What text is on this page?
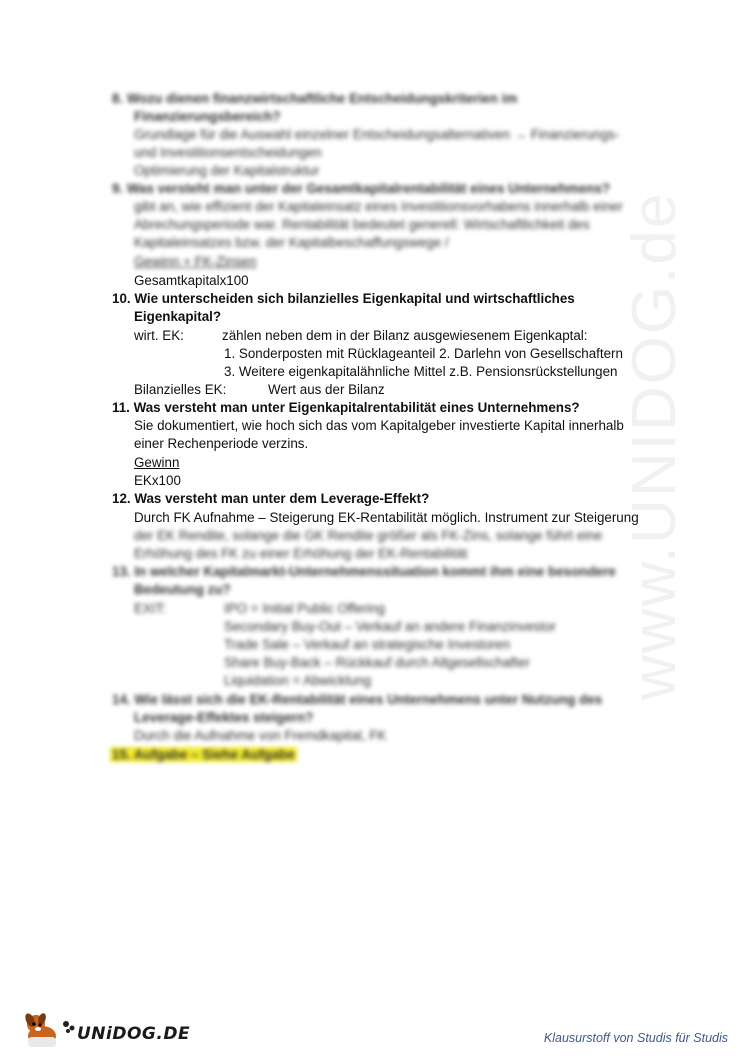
www.UNIDOG.de
8. Wozu dienen finanzwirtschaftliche Entscheidungskriterien im
Finanzierungsbereich?
Grundlage für die Auswahl einzelner Entscheidungsalternativen → Finanzierungs-
und Investitionsentscheidungen
Optimierung der Kapitalstruktur
9. Was versteht man unter der Gesamtkapitalrentabilität eines Unternehmens?
gibt an, wie effizient der Kapitaleinsatz eines Investitionsvorhabens innerhalb einer
Abrechungsperiode war. Rentabilität bedeutet generell: Wirtschaftlichkeit des
Kapitaleinsatzes bzw. der Kapitalbeschaffungswege /
Gewinn + FK-Zinsen
Gesamtkapitalx100
10. Wie unterscheiden sich bilanzielles Eigenkapital und wirtschaftliches
Eigenkapital?
wirt. EK:	zählen neben dem in der Bilanz ausgewiesenem Eigenkaptal:
1. Sonderposten mit Rücklageanteil 2. Darlehn von Gesellschaftern
3. Weitere eigenkapitalähnliche Mittel z.B. Pensionsrückstellungen
Bilanzielles EK:	Wert aus der Bilanz
11. Was versteht man unter Eigenkapitalrentabilität eines Unternehmens?
Sie dokumentiert, wie hoch sich das vom Kapitalgeber investierte Kapital innerhalb
einer Rechenperiode verzins.
Gewinn
EKx100
12. Was versteht man unter dem Leverage-Effekt?
Durch FK Aufnahme – Steigerung EK-Rentabilität möglich. Instrument zur Steigerung
der EK Rendite, solange die GK Rendite größer als FK-Zins, solange führt eine
Erhöhung des FK zu einer Erhöhung der EK-Rentabilität
13. In welcher Kapitalmarkt-Unternehmenssituation kommt ihm eine besondere
Bedeutung zu?
EXIT:	IPO = Initial Public Offering
Secondary Buy-Out – Verkauf an andere Finanzinvestor
Trade Sale – Verkauf an strategische Investoren
Share Buy-Back – Rückkauf durch Altgesellschafter
Liquidation = Abwicklung
14. Wie lässt sich die EK-Rentabilität eines Unternehmens unter Nutzung des
Leverage-Effektes steigern?
Durch die Aufnahme von Fremdkapital, FK
15. Aufgabe – Siehe Aufgabe
UNiDOG.DE	Klausurstoff von Studis für Studis
